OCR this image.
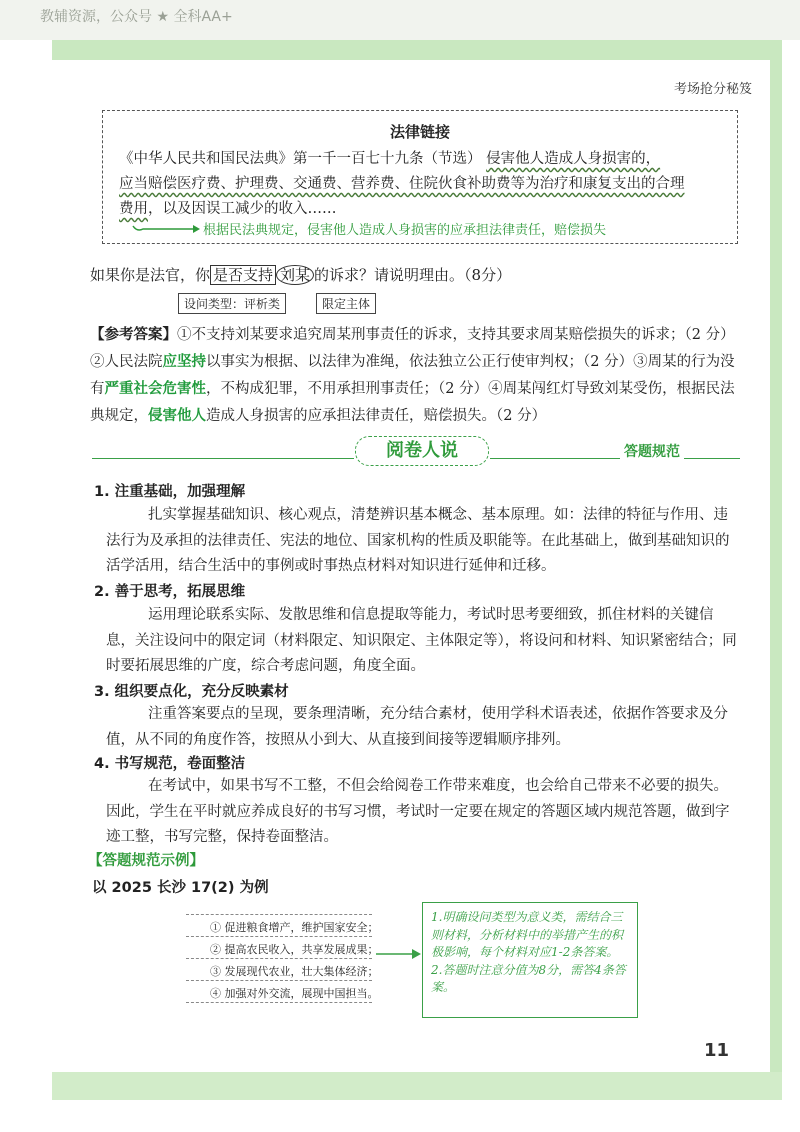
教辅资源，公众号 ★ 全科AA+
考场抢分秘笈
法律链接
《中华人民共和国民法典》第一千一百七十九条（节选） 侵害他人造成人身损害的，
应当赔偿医疗费、护理费、交通费、营养费、住院伙食补助费等为治疗和康复支出的合理
费用，以及因误工减少的收入……
根据民法典规定，侵害他人造成人身损害的应承担法律责任，赔偿损失
如果你是法官，你 是否支持 刘某 的诉求？请说明理由。（8分）
设问类型：评析类	限定主体
【参考答案】①不支持刘某要求追究周某刑事责任的诉求，支持其要求周某赔偿损失的诉求；（2 分）②人民法院应坚持以事实为根据、以法律为准绳，依法独立公正行使审判权；（2 分）③周某的行为没有严重社会危害性，不构成犯罪，不用承担刑事责任；（2 分）④周某闯红灯导致刘某受伤，根据民法典规定，侵害他人造成人身损害的应承担法律责任，赔偿损失。（2 分）
阅卷人说	答题规范
1. 注重基础，加强理解
扎实掌握基础知识、核心观点，清楚辨识基本概念、基本原理。如：法律的特征与作用、违法行为及承担的法律责任、宪法的地位、国家机构的性质及职能等。在此基础上，做到基础知识的活学活用，结合生活中的事例或时事热点材料对知识进行延伸和迁移。
2. 善于思考，拓展思维
运用理论联系实际、发散思维和信息提取等能力，考试时思考要细致，抓住材料的关键信息，关注设问中的限定词（材料限定、知识限定、主体限定等），将设问和材料、知识紧密结合；同时要拓展思维的广度，综合考虑问题，角度全面。
3. 组织要点化，充分反映素材
注重答案要点的呈现，要条理清晰，充分结合素材，使用学科术语表述，依据作答要求及分值，从不同的角度作答，按照从小到大、从直接到间接等逻辑顺序排列。
4. 书写规范，卷面整洁
在考试中，如果书写不工整，不但会给阅卷工作带来难度，也会给自己带来不必要的损失。因此，学生在平时就应养成良好的书写习惯，考试时一定要在规定的答题区域内规范答题，做到字迹工整，书写完整，保持卷面整洁。
【答题规范示例】
以 2025 长沙 17(2) 为例
① 促进粮食增产，维护国家安全；
② 提高农民收入，共享发展成果；
③ 发展现代农业，壮大集体经济；
④ 加强对外交流，展现中国担当。
1.明确设问类型为意义类，需结合三则材料，分析材料中的举措产生的积极影响，每个材料对应1-2条答案。2.答题时注意分值为8分，需答4条答案。
11
